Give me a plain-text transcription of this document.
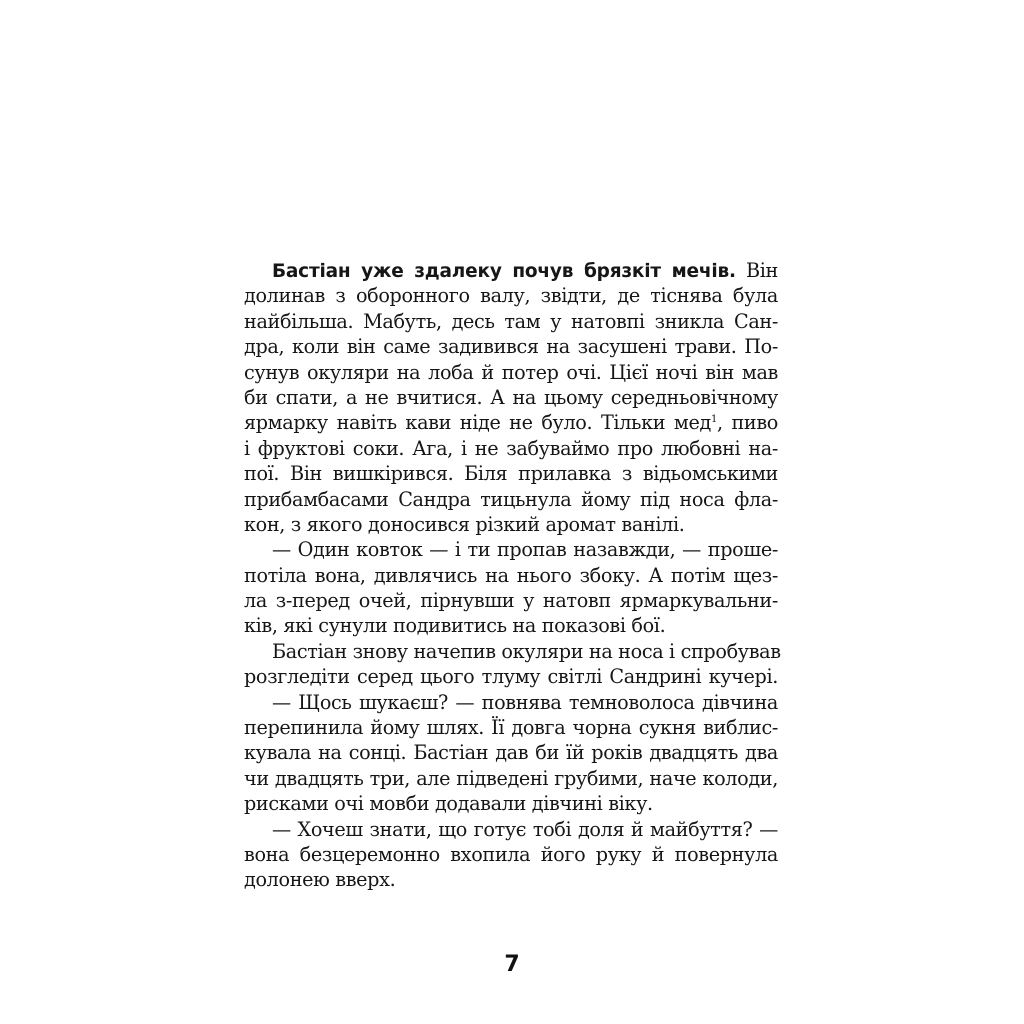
Бастіан уже здалеку почув брязкіт мечів. Він
долинав з оборонного валу, звідти, де тіснява була
найбільша. Мабуть, десь там у натовпі зникла Сан-
дра, коли він саме задивився на засушені трави. По-
сунув окуляри на лоба й потер очі. Цієї ночі він мав
би спати, а не вчитися. А на цьому середньовічному
ярмарку навіть кави ніде не було. Тільки мед$^1$, пиво
і фруктові соки. Ага, і не забуваймо про любовні на-
пої. Він вишкірився. Біля прилавка з відьомськими
прибамбасами Сандра тицьнула йому під носа фла-
кон, з якого доносився різкий аромат ванілі.
— Один ковток — і ти пропав назавжди, — проше-
потіла вона, дивлячись на нього збоку. А потім щез-
ла з-перед очей, пірнувши у натовп ярмаркувальни-
ків, які сунули подивитись на показові бої.
Бастіан знову начепив окуляри на носа і спробував
розгледіти серед цього тлуму світлі Сандрині кучері.
— Щось шукаєш? — повнява темноволоса дівчина
перепинила йому шлях. Її довга чорна сукня виблис-
кувала на сонці. Бастіан дав би їй років двадцять два
чи двадцять три, але підведені грубими, наче колоди,
рисками очі мовби додавали дівчині віку.
— Хочеш знати, що готує тобі доля й майбуття? —
вона безцеремонно вхопила його руку й повернула
долонею вверх.
7
